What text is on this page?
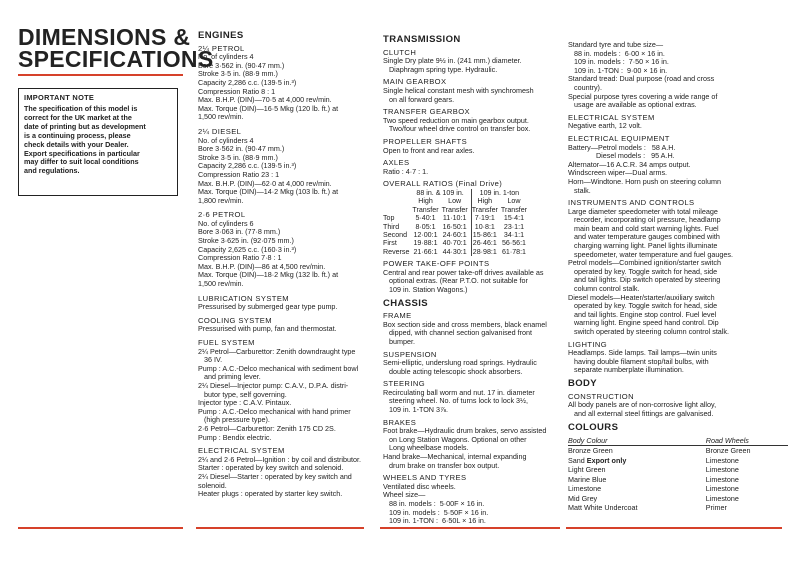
DIMENSIONS &
SPECIFICATIONS
IMPORTANT NOTE
The specification of this model is
correct for the UK market at the
date of printing but as development
is a continuing process, please
check details with your Dealer.
Export specifications in particular
may differ to suit local conditions
and regulations.
ENGINES
2¼ PETROL
No. of cylinders 4
Bore 3·562 in. (90·47 mm.)
Stroke 3·5 in. (88·9 mm.)
Capacity 2,286 c.c. (139·5 in.³)
Compression Ratio 8 : 1
Max. B.H.P. (DIN)—70·5 at 4,000 rev/min.
Max. Torque (DIN)—16·5 Mkg (120 lb. ft.) at
1,500 rev/min.
2¼ DIESEL
No. of cylinders 4
Bore 3·562 in. (90·47 mm.)
Stroke 3·5 in. (88·9 mm.)
Capacity 2,286 c.c. (139·5 in.³)
Compression Ratio 23 : 1
Max. B.H.P. (DIN)—62·0 at 4,000 rev/min.
Max. Torque (DIN)—14·2 Mkg (103 lb. ft.) at
1,800 rev/min.
2·6 PETROL
No. of cylinders 6
Bore 3·063 in. (77·8 mm.)
Stroke 3·625 in. (92·075 mm.)
Capacity 2,625 c.c. (160·3 in.³)
Compression Ratio 7·8 : 1
Max. B.H.P. (DIN)—86 at 4,500 rev/min.
Max. Torque (DIN)—18·2 Mkg (132 lb. ft.) at
1,500 rev/min.
LUBRICATION SYSTEM
Pressurised by submerged gear type pump.
COOLING SYSTEM
Pressurised with pump, fan and thermostat.
FUEL SYSTEM
2¼ Petrol—Carburettor: Zenith downdraught type
36 IV.
Pump : A.C.-Delco mechanical with sediment bowl
and priming lever.
2¼ Diesel—Injector pump: C.A.V., D.P.A. distri-
butor type, self governing.
Injector type : C.A.V. Pintaux.
Pump : A.C.-Delco mechanical with hand primer
(high pressure type).
2·6 Petrol—Carburettor: Zenith 175 CD 2S.
Pump : Bendix electric.
ELECTRICAL SYSTEM
2¼ and 2·6 Petrol—Ignition : by coil and distributor.
Starter : operated by key switch and solenoid.
2¼ Diesel—Starter : operated by key switch and
solenoid.
Heater plugs : operated by starter key switch.
TRANSMISSION
CLUTCH
Single Dry plate 9½ in. (241 mm.) diameter.
Diaphragm spring type. Hydraulic.
MAIN GEARBOX
Single helical constant mesh with synchromesh
on all forward gears.
TRANSFER GEARBOX
Two speed reduction on main gearbox output.
Two/four wheel drive control on transfer box.
PROPELLER SHAFTS
Open to front and rear axles.
AXLES
Ratio : 4·7 : 1.
OVERALL RATIOS (Final Drive)
	88 in. & 109 in.		109 in. 1-ton	
	High	Low	High	Low
	Transfer	Transfer	Transfer	Transfer
Top	5·40:1	11·10:1	7·19:1	15·4:1
Third	8·05:1	16·50:1	10·8:1	23·1:1
Second	12·00:1	24·60:1	15·86:1	34·1:1
First	19·88:1	40·70:1	26·46:1	56·56:1
Reverse	21·66:1	44·30:1	28·98:1	61·78:1
POWER TAKE-OFF POINTS
Central and rear power take-off drives available as
optional extras. (Rear P.T.O. not suitable for
109 in. Station Wagons.)
CHASSIS
FRAME
Box section side and cross members, black enamel
dipped, with channel section galvanised front
bumper.
SUSPENSION
Semi-elliptic, underslung road springs. Hydraulic
double acting telescopic shock absorbers.
STEERING
Recirculating ball worm and nut. 17 in. diameter
steering wheel. No. of turns lock to lock 3½,
109 in. 1-TON 3⅞.
BRAKES
Foot brake—Hydraulic drum brakes, servo assisted
on Long Station Wagons. Optional on other
Long wheelbase models.
Hand brake—Mechanical, internal expanding
drum brake on transfer box output.
WHEELS AND TYRES
Ventilated disc wheels.
Wheel size—
88 in. models :  5·00F × 16 in.
109 in. models :  5·50F × 16 in.
109 in. 1-TON :  6·50L × 16 in.
Standard tyre and tube size—
88 in. models :  6·00 × 16 in.
109 in. models :  7·50 × 16 in.
109 in. 1-TON :  9·00 × 16 in.
Standard tread: Dual purpose (road and cross
country).
Special purpose tyres covering a wide range of
usage are available as optional extras.
ELECTRICAL SYSTEM
Negative earth, 12 volt.
ELECTRICAL EQUIPMENT
Battery—Petrol models :   58 A.H.
Diesel models :   95 A.H.
Alternator—16 A.C.R. 34 amps output.
Windscreen wiper—Dual arms.
Horn—Windtone. Horn push on steering column
stalk.
INSTRUMENTS AND CONTROLS
Large diameter speedometer with total mileage
recorder, incorporating oil pressure, headlamp
main beam and cold start warning lights. Fuel
and water temperature gauges combined with
charging warning light. Panel lights illuminate
speedometer, water temperature and fuel gauges.
Petrol models—Combined ignition/starter switch
operated by key. Toggle switch for head, side
and tail lights. Dip switch operated by steering
column control stalk.
Diesel models—Heater/starter/auxiliary switch
operated by key. Toggle switch for head, side
and tail lights. Engine stop control. Fuel level
warning light. Engine speed hand control. Dip
switch operated by steering column control stalk.
LIGHTING
Headlamps. Side lamps. Tail lamps—twin units
having double filament stop/tail bulbs, with
separate numberplate illumination.
BODY
CONSTRUCTION
All body panels are of non-corrosive light alloy,
and all external steel fittings are galvanised.
COLOURS
Body Colour		Road Wheels
Bronze Green		Bronze Green
Sand Export only		Limestone
Light Green		Limestone
Marine Blue		Limestone
Limestone		Limestone
Mid Grey		Limestone
Matt White Undercoat		Primer
